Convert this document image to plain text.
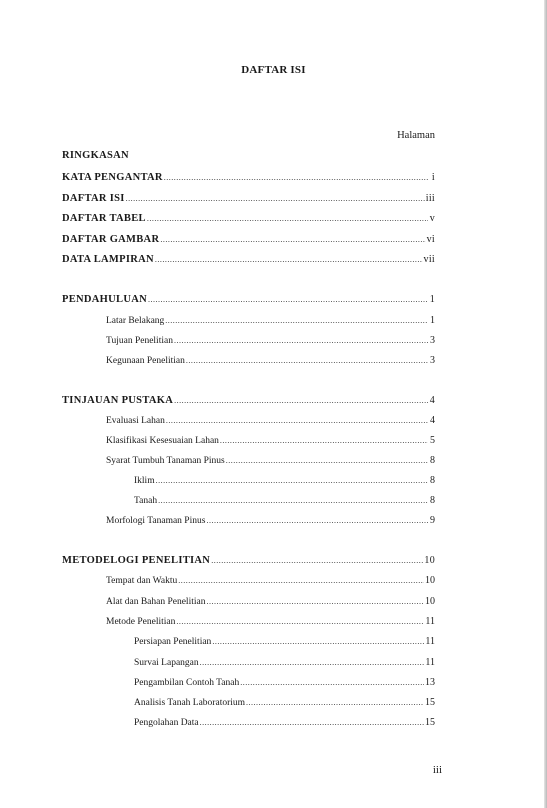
DAFTAR ISI
Halaman
RINGKASAN
KATA PENGANTAR .....	i
DAFTAR ISI .....	iii
DAFTAR TABEL .....	v
DAFTAR GAMBAR .....	vi
DATA LAMPIRAN .....	vii
PENDAHULUAN .....	1
Latar Belakang .....	1
Tujuan Penelitian .....	3
Kegunaan Penelitian .....	3
TINJAUAN PUSTAKA .....	4
Evaluasi Lahan .....	4
Klasifikasi Kesesuaian Lahan .....	5
Syarat Tumbuh Tanaman Pinus .....	8
Iklim .....	8
Tanah .....	8
Morfologi Tanaman Pinus .....	9
METODELOGI PENELITIAN .....	10
Tempat dan Waktu .....	10
Alat dan Bahan Penelitian .....	10
Metode Penelitian .....	11
Persiapan Penelitian .....	11
Survai Lapangan .....	11
Pengambilan Contoh Tanah .....	13
Analisis Tanah Laboratorium .....	15
Pengolahan Data .....	15
iii
